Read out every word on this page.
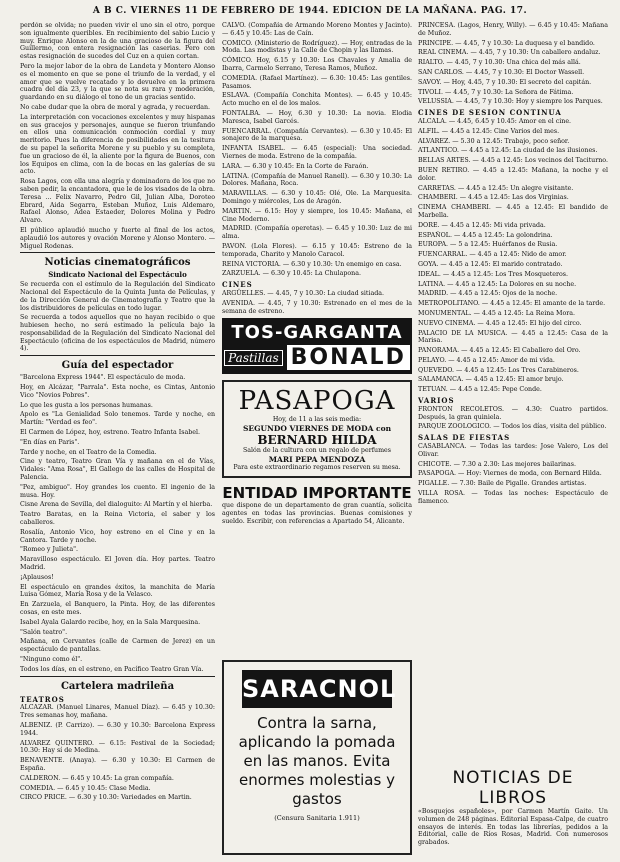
A B C. VIERNES 11 DE FEBRERO DE 1944. EDICION DE LA MAÑANA. PAG. 17.
perdón se olvida; no pueden vivir el uno sin el otro, porque son igualmente queribles. En recibimiento del sabio Lucio y muy. Enrique Alonso en la de una gracioso de la figura del Guillermo, con entera resignación las caserias. Pero con estas resignación de sucedes del Cuz en a quien cortan.
Pero la mejor labor de la obra de Landeta y Montero Alonso es el momento en que se pone el triunfo de la verdad, y el amor que se vuelve recatado y lo devuelve en la primera cuadra del día 23, y la que se nota su rara y moderación, guardando en su diálogo el tono de un gracias sentido.
No cabe dudar que la obra de moral y agrada, y recuerdan.
La interpretación con vocaciones excelentes y muy hispanas en sus gracejos y personajes, aunque se fueron triunfando en ellos una comunicación conmoción cordial y muy meritorio. Pues la diferencia de posibilidades en la tesitura de su papel la señorita Morene y su pueblo y su completa, fue un gracioso de él, la aliente por la figura de Buenos, con los Equipos en clima, con la de bocas en las galerías de su acto.
Rosa Lagos, con ella una alegría y dominadora de los que no saben pedir, la encantadora, que le de los visados de la obra. Teresa ... Felix Navarro, Pedro Gil, Julian Alba, Doroteo Ebrard, Aida Segarra, Esteban Muñoz, Luis Aldemaro, Rafael Alonso, Adea Estaeder, Dolores Molina y Pedro Alvaro.
El público aplaudió mucho y fuerte al final de los actos, aplaudió los autores y ovación Morene y Alonso Montero. — Miguel Rodenas.
Noticias cinematográficos
Sindicato Nacional del Espectáculo
Se recuerda con el estímulo de la Regulación del Sindicato Nacional del Espectáculo de la Quinta Junta de Películas, y de la Dirección General de Cinematografía y Teatro que la los distribuidores de películas en todo lugar.
Se recuerda a todos aquellos que no hayan recibido o que hubiesen hecho, no será estimado la película bajo la responsabilidad de la Regulación del Sindicato Nacional del Espectáculo (oficina de los espectáculos de Madrid, número 4).
Guía del espectador
"Barcelona Express 1944". El espectáculo de moda.
Hoy, en Alcázar, "Parrala". Esta noche, es Cintas, Antonio Vico "Novios Pobres".
Lo que les gusta a los personas humanas.
Apolo es "La Genialidad Solo tenemos. Tarde y noche, en Martín: "Verdad es feo".
El Carmen de López, hoy, estreno. Teatro Infanta Isabel.
"En días en Paris".
Tarde y noche, en el Teatro de la Comedia.
Cine y teatro, Teatro Gran Vía y mañana en el de Vías, Vidales: "Ama Rosa", El Gallego de las calles de Hospital de Palencia.
"Pez, ambiguo". Hoy grandes los cuento. El ingenio de la musa. Hoy.
Cisne Arena de Sevilla, del dialoguito: Al Martín y el hierba.
Teatro Baratas, en la Reina Victoria, el saber y los caballeros.
Rosalía, Antonio Vico, hoy estreno en el Cine y en la Cantora. Tarde y noche.
"Romeo y Julieta".
Maravilloso espectáculo. El Joven día. Hoy partes. Teatro Madrid.
¡Aplausos!
El espectáculo en grandes éxitos, la manchita de María Luisa Gómez, María Rosa y de la Velasco.
En Zarzuela, el Banquero, la Pinta. Hoy, de las diferentes cosas, en este mes.
Isabel Ayala Galardo recibe, hoy, en la Sala Marquesina.
"Salón teatro".
Mañana, en Cervantes (calle de Carmen de Jerez) en un espectáculo de pantallas.
"Ninguno como él".
Todos los días, en el estreno, en Pacífico Teatro Gran Vía.
Cartelera madrileña
TEATROS
ALCAZAR. (Manuel Linares, Manuel Díaz). — 6.45 y 10.30: Tres semanas hoy, mañana.
ALBENIZ. (P. Carrizo). — 6.30 y 10.30: Barcelona Express 1944.
ALVAREZ QUINTERO. — 6.15: Festival de la Sociedad; 10.30: Hay sí de Medina.
BENAVENTE. (Anaya). — 6.30 y 10.30: El Carmen de España.
CALDERON. — 6.45 y 10.45: La gran compañía.
COMEDIA. — 6.45 y 10.45: Clase Media.
CIRCO PRICE. — 6.30 y 10.30: Variedades en Martin.
CALVO. (Compañía de Armando Moreno Montes y Jacinto). — 6.45 y 10.45: Las de Caín.
COMICO. (Ministerio de Rodríguez). — Hoy, entradas de la Moda. Las modistas y la Calle de Chopin y las llamas.
CÓMICO. Hoy, 6.15 y 10.30: Los Chavales y Amalia de Ibarra, Carmelo Serrano, Teresa Ramos, Muñoz.
COMEDIA. (Rafael Martínez). — 6.30: 10.45: Las gentiles. Pasamos.
ESLAVA. (Compañía Conchita Montes). — 6.45 y 10.45: Acto mucho en el de los malos.
FONTALBA. — Hoy, 6.30 y 10.30: La novia. Elodia Maresca, Isabel Garcés.
FUENCARRAL. (Compañía Cervantes). — 6.30 y 10.45: El sonajero de la marquesa.
INFANTA ISABEL. — 6.45 (especial): Una sociedad. Viernes de moda. Estreno de la compañía.
LARA. — 6.30 y 10.45: En la Corte de Faraón.
LATINA. (Compañía de Manuel Ranell). — 6.30 y 10.30: La Dolores. Mañana, Roca.
MARAVILLAS. — 6.30 y 10.45: Olé, Ole. La Marquesita. Domingo y miércoles, Los de Aragón.
MARTIN. — 6.15: Hoy y siempre, los 10.45: Mañana, el Cine Moderno.
MADRID. (Compañía operetas). — 6.45 y 10.30: Luz de mi alma.
PAVON. (Lola Flores). — 6.15 y 10.45: Estreno de la temporada, Charito y Manolo Caracol.
REINA VICTORIA. — 6.30 y 10.30: Un enemigo en casa.
ZARZUELA. — 6.30 y 10.45: La Chulapona.
CINES
ARGÜELLES. — 4.45, 7 y 10.30: La ciudad sitiada.
AVENIDA. — 4.45, 7 y 10.30: Estrenado en el mes de la semana de estreno.
TOS-GARGANTA
Pastillas BONALD
PASAPOGA
Hoy, de 11 a las seis media:
SEGUNDO VIERNES DE MODA con
BERNARD HILDA
Salón de la cultura con un regalo de perfumes
MARI PEPA MENDOZA
Para este extraordinario regamos reserven su mesa.
ENTIDAD IMPORTANTE
que dispone de un departamento de gran cuantía, solicita agentes en todas las provincias. Buenas comisiones y sueldo. Escribir, con referencias a Apartado 54, Alicante.
SARACNOL
Contra la sarna, aplicando la pomada en las manos. Evita enormes molestias y gastos
(Censura Sanitaria 1.911)
PRINCESA. (Lagos, Henry, Willy). — 6.45 y 10.45: Mañana de Muñoz.
PRINCIPE. — 4.45, 7 y 10.30: La duquesa y el bandido.
REAL CINEMA. — 4.45, 7 y 10.30: Un caballero andaluz.
RIALTO. — 4.45, 7 y 10.30: Una chica del más allá.
SAN CARLOS. — 4.45, 7 y 10.30: El Doctor Wassell.
SAVOY. — Hoy, 4.45, 7 y 10.30: El secreto del capitán.
TIVOLI. — 4.45, 7 y 10.30: La Señora de Fátima.
VELUSSIA. — 4.45, 7 y 10.30: Hoy y siempre los Parques.
CINES DE SESION CONTINUA
ALCALA. — 4.45, 6.45 y 10.45: Amor en el cine.
ALFIL. — 4.45 a 12.45: Cine Varios del mes.
ALVAREZ. — 5.30 a 12.45: Trabajo, poco señor.
ATLANTICO. — 4.45 a 12.45: La ciudad de las ilusiones.
BELLAS ARTES. — 4.45 a 12.45: Los vecinos del Taciturno.
BUEN RETIRO. — 4.45 a 12.45: Mañana, la noche y el dolor.
CARRETAS. — 4.45 a 12.45: Un alegre visitante.
CHAMBERI. — 4.45 a 12.45: Las dos Virginias.
CINEMA CHAMBERI. — 4.45 a 12.45: El bandido de Marbella.
DORE. — 4.45 a 12.45: Mi vida privada.
ESPAÑOL. — 4.45 a 12.45: La golondrina.
EUROPA. — 5 a 12.45: Huérfanos de Rusia.
FUENCARRAL. — 4.45 a 12.45: Nido de amor.
GOYA. — 4.45 a 12.45: El marido contratado.
IDEAL. — 4.45 a 12.45: Los Tres Mosqueteros.
LATINA. — 4.45 a 12.45: La Dolores en su noche.
MADRID. — 4.45 a 12.45: Ojos de la noche.
METROPOLITANO. — 4.45 a 12.45: El amante de la tarde.
MONUMENTAL. — 4.45 a 12.45: La Reina Mora.
NUEVO CINEMA. — 4.45 a 12.45: El hijo del circo.
PALACIO DE LA MUSICA. — 4.45 a 12.45: Casa de la Marisa.
PANORAMA. — 4.45 a 12.45: El Caballero del Oro.
PELAYO. — 4.45 a 12.45: Amor de mi vida.
QUEVEDO. — 4.45 a 12.45: Los Tres Carabineros.
SALAMANCA. — 4.45 a 12.45: El amor brujo.
TETUAN. — 4.45 a 12.45: Pepe Conde.
VARIOS
FRONTON RECOLETOS. — 4.30: Cuatro partidos. Después, la gran quiniela.
PARQUE ZOOLOGICO. — Todos los días, visita del público.
SALAS DE FIESTAS
CASABLANCA. — Todas las tardes: Jose Valero, Los del Olivar.
CHICOTE. — 7.30 a 2.30: Las mejores bailarinas.
PASAPOGA. — Hoy: Viernes de moda, con Bernard Hilda.
PIGALLE. — 7.30: Baile de Pigalle. Grandes artistas.
VILLA ROSA. — Todas las noches: Espectáculo de flamenco.
NOTICIAS DE LIBROS
«Bosquejos españoles», por Carmen Martín Gaite. Un volumen de 248 páginas. Editorial Espasa-Calpe, de cuatro ensayos de interés. En todas las librerías, pedidos a la Editorial, calle de Ríos Rosas, Madrid. Con numerosos grabados.
